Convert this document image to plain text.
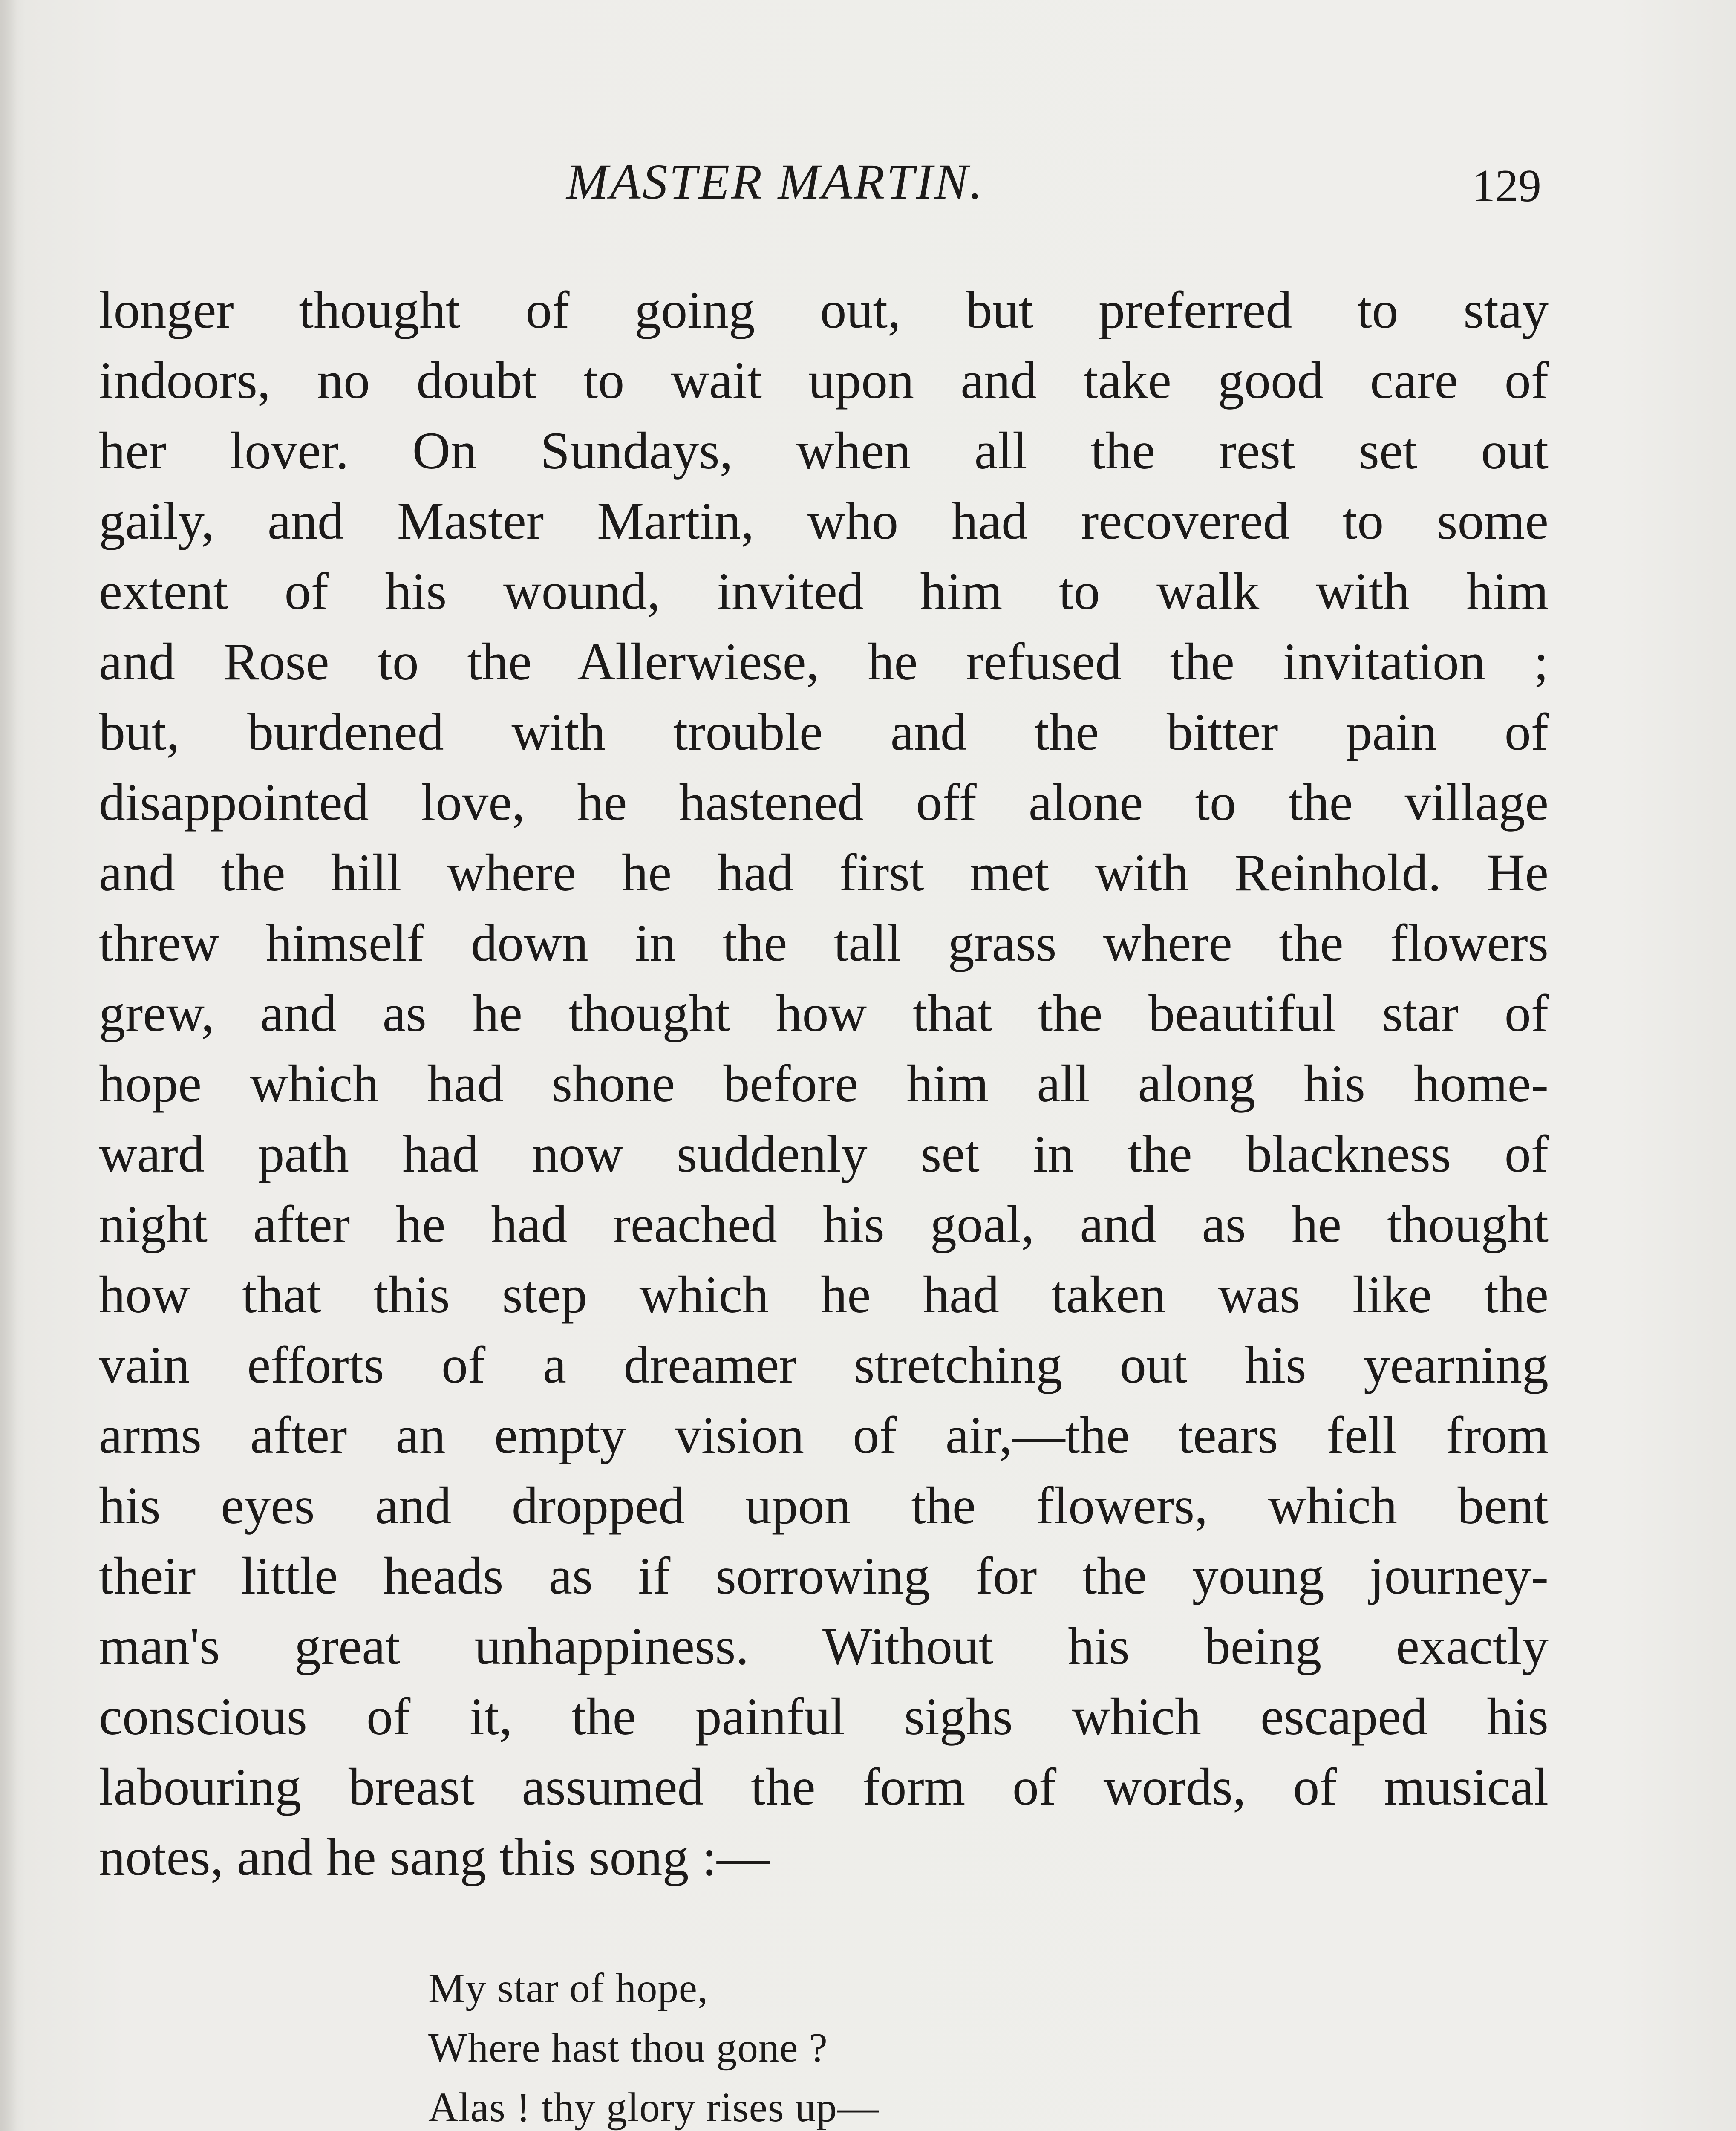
MASTER MARTIN.	129
longer thought of going out, but preferred to stay
indoors, no doubt to wait upon and take good care of
her lover. On Sundays, when all the rest set out
gaily, and Master Martin, who had recovered to some
extent of his wound, invited him to walk with him
and Rose to the Allerwiese, he refused the invitation ;
but, burdened with trouble and the bitter pain of
disappointed love, he hastened off alone to the village
and the hill where he had first met with Reinhold. He
threw himself down in the tall grass where the flowers
grew, and as he thought how that the beautiful star of
hope which had shone before him all along his home-
ward path had now suddenly set in the blackness of
night after he had reached his goal, and as he thought
how that this step which he had taken was like the
vain efforts of a dreamer stretching out his yearning
arms after an empty vision of air,—the tears fell from
his eyes and dropped upon the flowers, which bent
their little heads as if sorrowing for the young journey-
man's great unhappiness. Without his being exactly
conscious of it, the painful sighs which escaped his
labouring breast assumed the form of words, of musical
notes, and he sang this song :—
My star of hope,
Where hast thou gone ?
Alas ! thy glory rises up—
